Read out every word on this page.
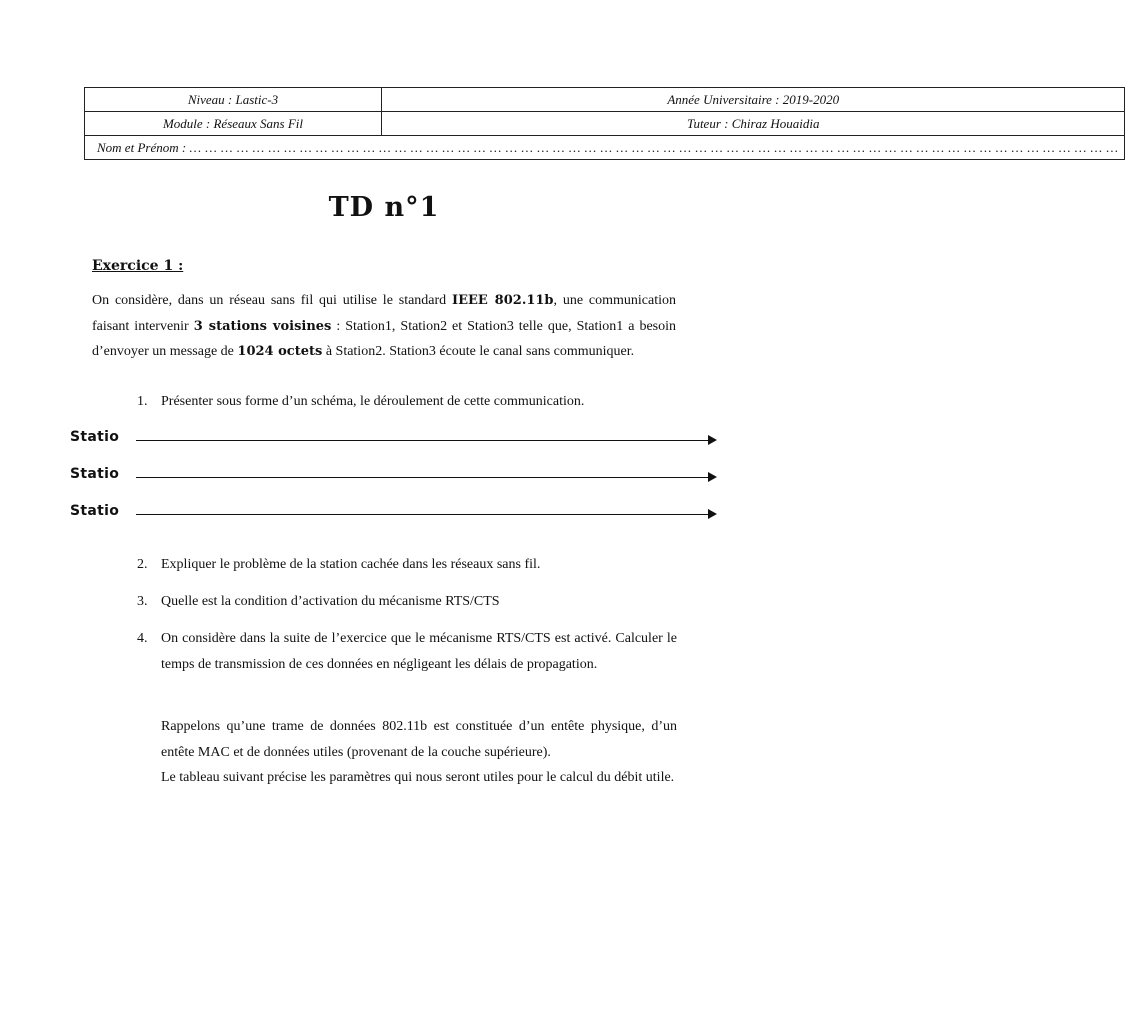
Niveau : Lastic-3	Année Universitaire : 2019-2020
Module : Réseaux Sans Fil	Tuteur : Chiraz Houaidia
Nom et Prénom : … … … … … … … … … … … … … … … … … … … … … … … … … … … … … … … … … … … … … … … … … … … … … … … … … … … … … … … … … … …	
TD n°1
Exercice 1 :
On considère, dans un réseau sans fil qui utilise le standard IEEE 802.11b, une communication faisant intervenir 3 stations voisines : Station1, Station2 et Station3 telle que, Station1 a besoin d’envoyer un message de 1024 octets à Station2. Station3 écoute le canal sans communiquer.
1. Présenter sous forme d’un schéma, le déroulement de cette communication.
Statio
Statio
Statio
2. Expliquer le problème de la station cachée dans les réseaux sans fil.
3. Quelle est la condition d’activation du mécanisme RTS/CTS
4. On considère dans la suite de l’exercice que le mécanisme RTS/CTS est activé. Calculer le temps de transmission de ces données en négligeant les délais de propagation.
Rappelons qu’une trame de données 802.11b est constituée d’un entête physique, d’un entête MAC et de données utiles (provenant de la couche supérieure).
Le tableau suivant précise les paramètres qui nous seront utiles pour le calcul du débit utile.
